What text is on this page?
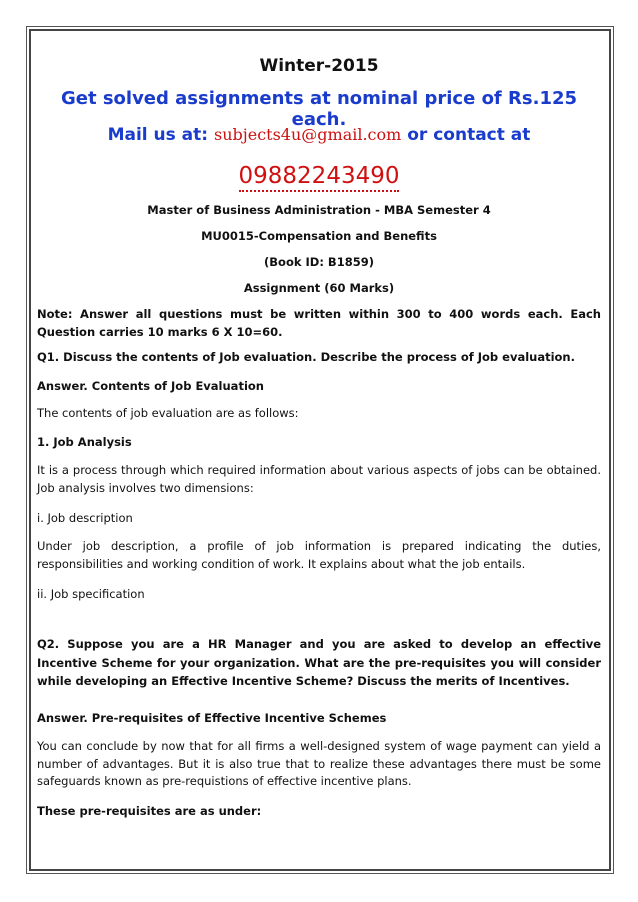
Winter-2015
Get solved assignments at nominal price of Rs.125 each.
Mail us at: subjects4u@gmail.com or contact at
09882243490
Master of Business Administration - MBA Semester 4
MU0015-Compensation and Benefits
(Book ID: B1859)
Assignment (60 Marks)
Note: Answer all questions must be written within 300 to 400 words each. Each Question carries 10 marks 6 X 10=60.
Q1. Discuss the contents of Job evaluation. Describe the process of Job evaluation.
Answer. Contents of Job Evaluation
The contents of job evaluation are as follows:
1. Job Analysis
It is a process through which required information about various aspects of jobs can be obtained. Job analysis involves two dimensions:
i. Job description
Under job description, a profile of job information is prepared indicating the duties, responsibilities and working condition of work. It explains about what the job entails.
ii. Job specification
Q2. Suppose you are a HR Manager and you are asked to develop an effective Incentive Scheme for your organization. What are the pre-requisites you will consider while developing an Effective Incentive Scheme? Discuss the merits of Incentives.
Answer. Pre-requisites of Effective Incentive Schemes
You can conclude by now that for all firms a well-designed system of wage payment can yield a number of advantages. But it is also true that to realize these advantages there must be some safeguards known as pre-requistions of effective incentive plans.
These pre-requisites are as under:
